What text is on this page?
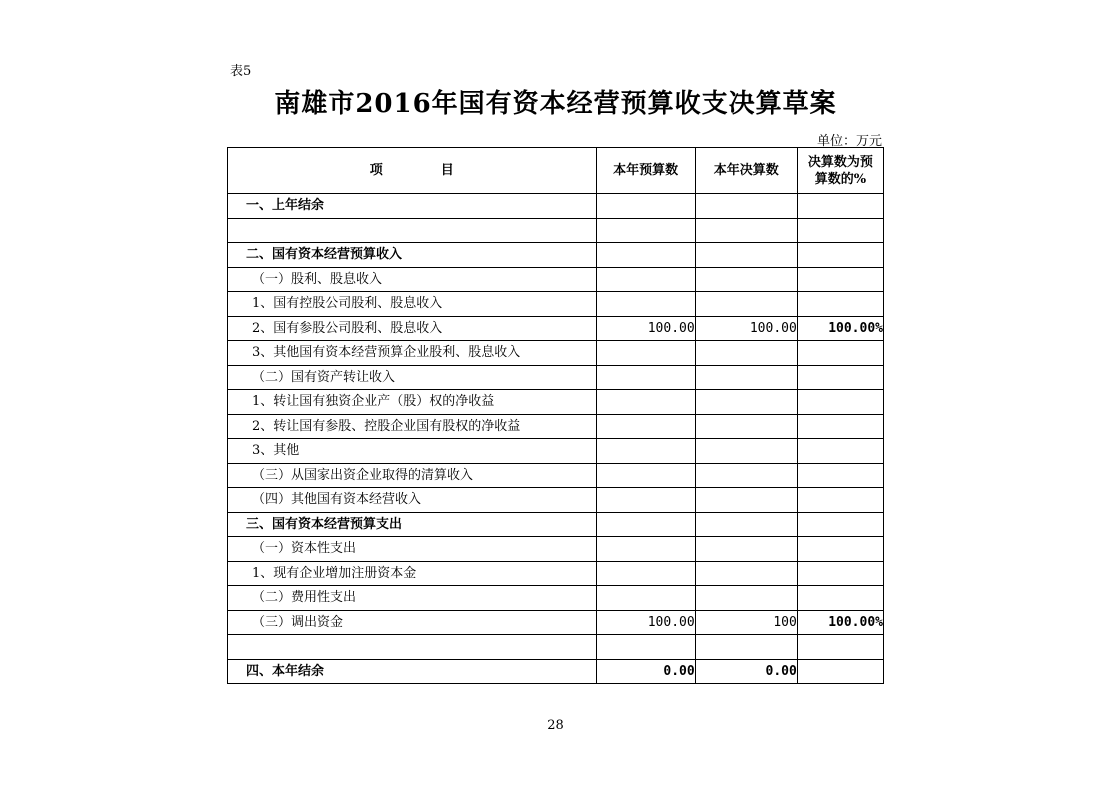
表5
南雄市2016年国有资本经营预算收支决算草案
单位：万元
项 目	本年预算数	本年决算数	决算数为预
算数的%
一、上年结余			

二、国有资本经营预算收入			
（一）股利、股息收入			
1、国有控股公司股利、股息收入			
2、国有参股公司股利、股息收入	100.00	100.00	100.00%
3、其他国有资本经营预算企业股利、股息收入			
（二）国有资产转让收入			
1、转让国有独资企业产（股）权的净收益			
2、转让国有参股、控股企业国有股权的净收益			
3、其他			
（三）从国家出资企业取得的清算收入			
（四）其他国有资本经营收入			
三、国有资本经营预算支出			
（一）资本性支出			
1、现有企业增加注册资本金			
（二）费用性支出			
（三）调出资金	100.00	100	100.00%

四、本年结余	0.00	0.00	
28
